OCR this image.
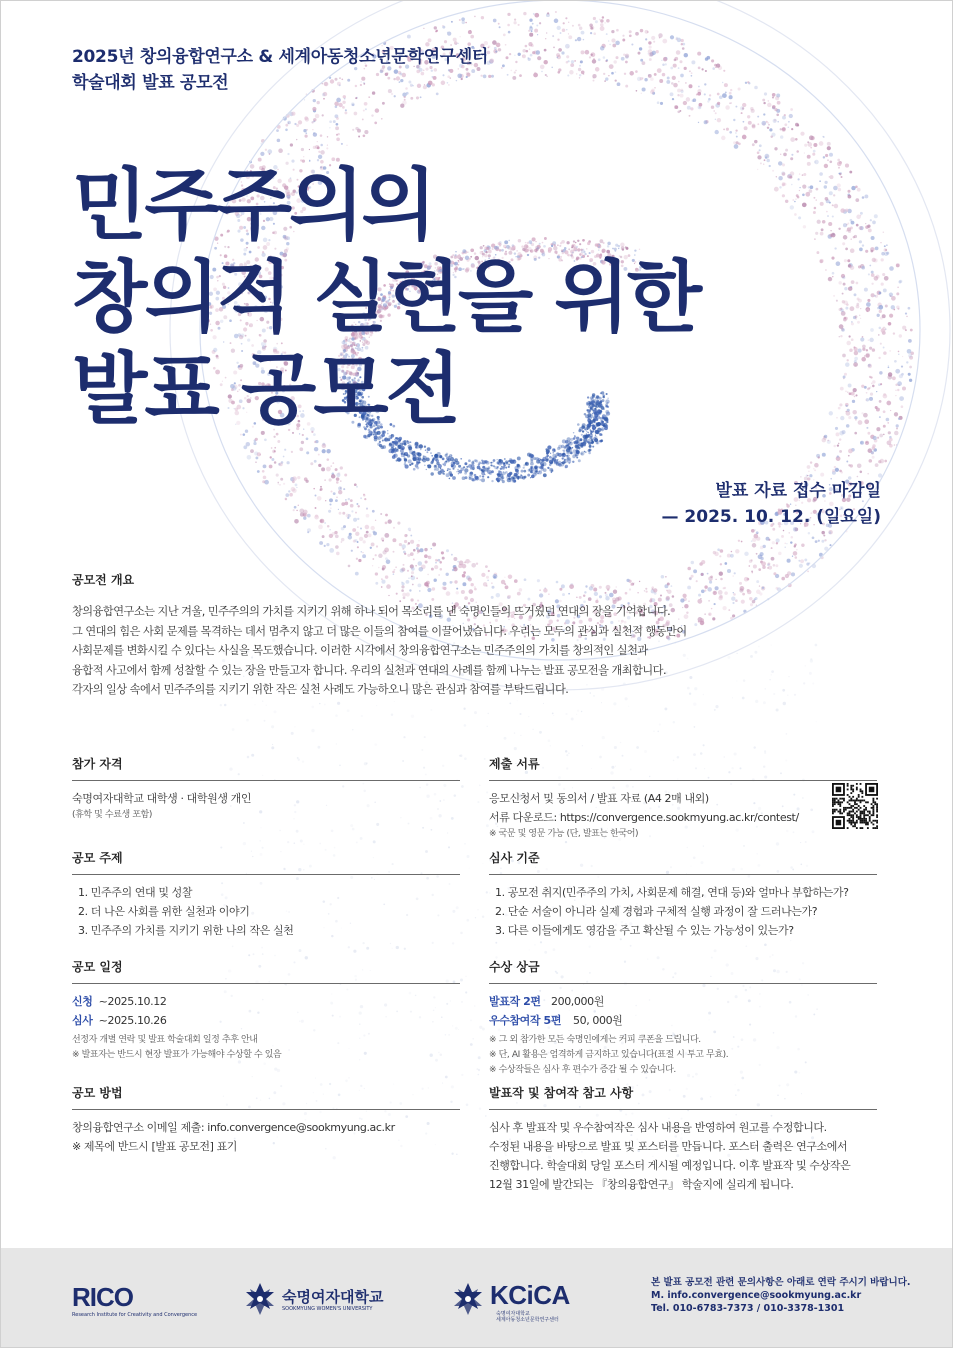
2025년 창의융합연구소 & 세계아동청소년문학연구센터
학술대회 발표 공모전
민주주의의
창의적 실현을 위한
발표 공모전
발표 자료 접수 마감일
— 2025. 10. 12. (일요일)
공모전 개요
창의융합연구소는 지난 겨울, 민주주의의 가치를 지키기 위해 하나 되어 목소리를 낸 숙명인들의 뜨거웠던 연대의 장을 기억합니다.
그 연대의 힘은 사회 문제를 목격하는 데서 멈추지 않고 더 많은 이들의 참여를 이끌어냈습니다. 우리는 모두의 관심과 실천적 행동만이
사회문제를 변화시킬 수 있다는 사실을 목도했습니다. 이러한 시각에서 창의융합연구소는 민주주의의 가치를 창의적인 실천과
융합적 사고에서 함께 성찰할 수 있는 장을 만들고자 합니다. 우리의 실천과 연대의 사례를 함께 나누는 발표 공모전을 개최합니다.
각자의 일상 속에서 민주주의를 지키기 위한 작은 실천 사례도 가능하오니 많은 관심과 참여를 부탁드립니다.
참가 자격
숙명여자대학교 대학생 · 대학원생 개인
(휴학 및 수료생 포함)
공모 주제
1. 민주주의 연대 및 성찰
2. 더 나은 사회를 위한 실천과 이야기
3. 민주주의 가치를 지키기 위한 나의 작은 실천
공모 일정
신청 ~2025.10.12
심사 ~2025.10.26
선정자 개별 연락 및 발표 학술대회 일정 추후 안내
※ 발표자는 반드시 현장 발표가 가능해야 수상할 수 있음
공모 방법
창의융합연구소 이메일 제출: info.convergence@sookmyung.ac.kr
※ 제목에 반드시 [발표 공모전] 표기
제출 서류
응모신청서 및 동의서 / 발표 자료 (A4 2매 내외)
서류 다운로드: https://convergence.sookmyung.ac.kr/contest/
※ 국문 및 영문 가능 (단, 발표는 한국어)
심사 기준
1. 공모전 취지(민주주의 가치, 사회문제 해결, 연대 등)와 얼마나 부합하는가?
2. 단순 서술이 아니라 실제 경험과 구체적 실행 과정이 잘 드러나는가?
3. 다른 이들에게도 영감을 주고 확산될 수 있는 가능성이 있는가?
수상 상금
발표작 2편 200,000원
우수참여작 5편 50, 000원
※ 그 외 참가한 모든 숙명인에게는 커피 쿠폰을 드립니다.
※ 단, AI 활용은 엄격하게 금지하고 있습니다(표절 시 투고 무효).
※ 수상작들은 심사 후 편수가 증감 될 수 있습니다.
발표작 및 참여작 참고 사항
심사 후 발표작 및 우수참여작은 심사 내용을 반영하여 원고를 수정합니다.
수정된 내용을 바탕으로 발표 및 포스터를 만듭니다. 포스터 출력은 연구소에서
진행합니다. 학술대회 당일 포스터 게시될 예정입니다. 이후 발표작 및 수상작은
12월 31일에 발간되는 『창의융합연구』 학술지에 실리게 됩니다.
RICO
Research Institute for Creativity and Convergence
숙명여자대학교
SOOKMYUNG WOMEN'S UNIVERSITY	KCiCA
숙명여자대학교
세계아동청소년문학연구센터
본 발표 공모전 관련 문의사항은 아래로 연락 주시기 바랍니다.
M. info.convergence@sookmyung.ac.kr
Tel. 010-6783-7373 / 010-3378-1301
